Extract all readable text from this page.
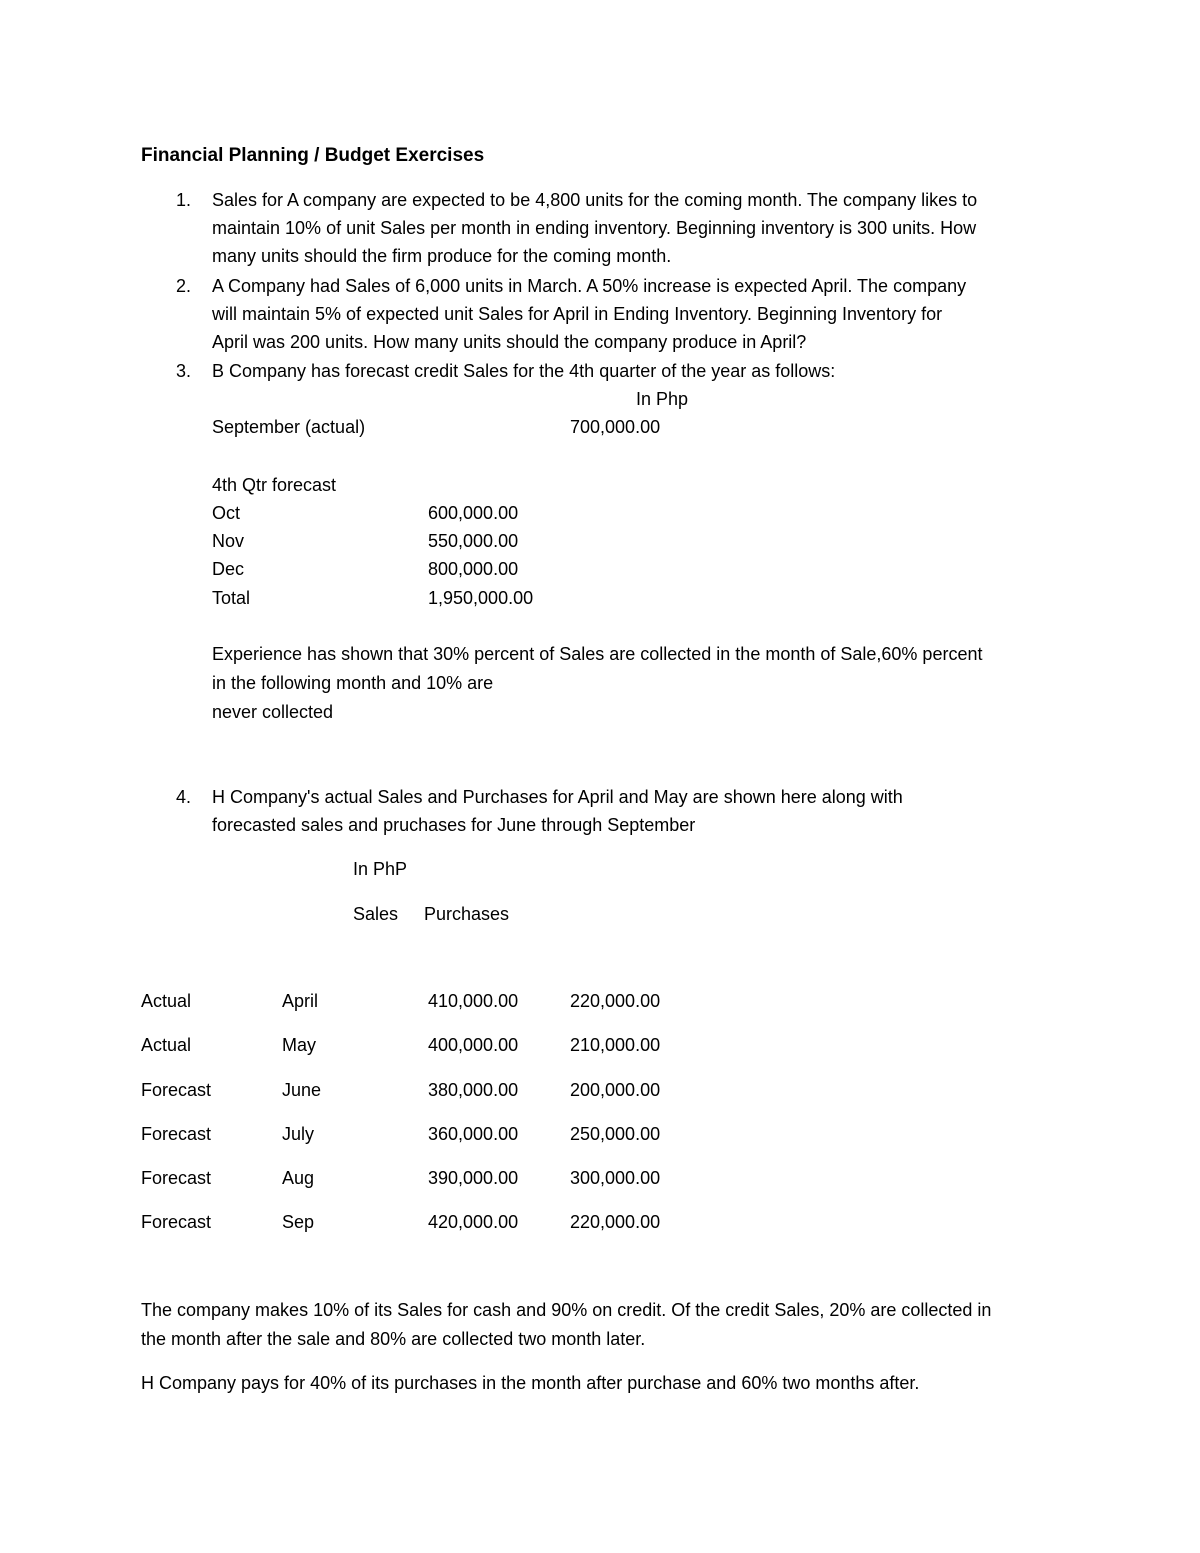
Financial Planning / Budget Exercises
1. Sales for A company are expected to be 4,800 units for the coming month. The company likes to
maintain 10% of unit Sales per month in ending inventory. Beginning inventory is 300 units. How
many units should the firm produce for the coming month.
2. A Company had Sales of 6,000 units in March. A 50% increase is expected April. The company
will maintain 5% of expected unit Sales for April in Ending Inventory. Beginning Inventory for
April was 200 units. How many units should the company produce in April?
3. B Company has forecast credit Sales for the 4th quarter of the year as follows:
In Php
September (actual)	700,000.00
4th Qtr forecast
Oct	600,000.00
Nov	550,000.00
Dec	800,000.00
Total	1,950,000.00
Experience has shown that 30% percent of Sales are collected in the month of Sale,60% percent
in the following month and 10% are
never collected
4. H Company's actual Sales and Purchases for April and May are shown here along with
forecasted sales and pruchases for June through September
In PhP
Sales Purchases
Actual	April	410,000.00	220,000.00
Actual	May	400,000.00	210,000.00
Forecast	June	380,000.00	200,000.00
Forecast	July	360,000.00	250,000.00
Forecast	Aug	390,000.00	300,000.00
Forecast	Sep	420,000.00	220,000.00
The company makes 10% of its Sales for cash and 90% on credit. Of the credit Sales, 20% are collected in
the month after the sale and 80% are collected two month later.
H Company pays for 40% of its purchases in the month after purchase and 60% two months after.
